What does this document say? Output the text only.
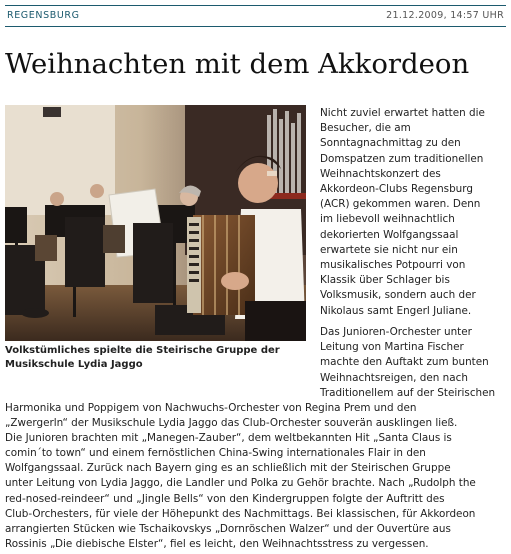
REGENSBURG	21.12.2009, 14:57 UHR
Weihnachten mit dem Akkordeon

Volkstümliches spielte die Steirische Gruppe der
Musikschule Lydia Jaggo

Nicht zuviel erwartet hatten die
Besucher, die am
Sonntagnachmittag zu den
Domspatzen zum traditionellen
Weihnachtskonzert des
Akkordeon-Clubs Regensburg
(ACR) gekommen waren. Denn
im liebevoll weihnachtlich
dekorierten Wolfgangssaal
erwartete sie nicht nur ein
musikalisches Potpourri von
Klassik über Schlager bis
Volksmusik, sondern auch der
Nikolaus samt Engerl Juliane.

Das Junioren-Orchester unter
Leitung von Martina Fischer
machte den Auftakt zum bunten
Weihnachtsreigen, den nach
Traditionellem auf der Steirischen

Harmonika und Poppigem von Nachwuchs-Orchester von Regina Prem und den
„Zwergerln“ der Musikschule Lydia Jaggo das Club-Orchester souverän ausklingen ließ.
Die Junioren brachten mit „Manegen-Zauber“, dem weltbekannten Hit „Santa Claus is
comin´to town“ und einem fernöstlichen China-Swing internationales Flair in den
Wolfgangssaal. Zurück nach Bayern ging es an schließlich mit der Steirischen Gruppe
unter Leitung von Lydia Jaggo, die Landler und Polka zu Gehör brachte. Nach „Rudolph the
red-nosed-reindeer“ und „Jingle Bells“ von den Kindergruppen folgte der Auftritt des
Club-Orchesters, für viele der Höhepunkt des Nachmittags. Bei klassischen, für Akkordeon
arrangierten Stücken wie Tschaikovskys „Dornröschen Walzer“ und der Ouvertüre aus
Rossinis „Die diebische Elster“, fiel es leicht, den Weihnachtsstress zu vergessen.
